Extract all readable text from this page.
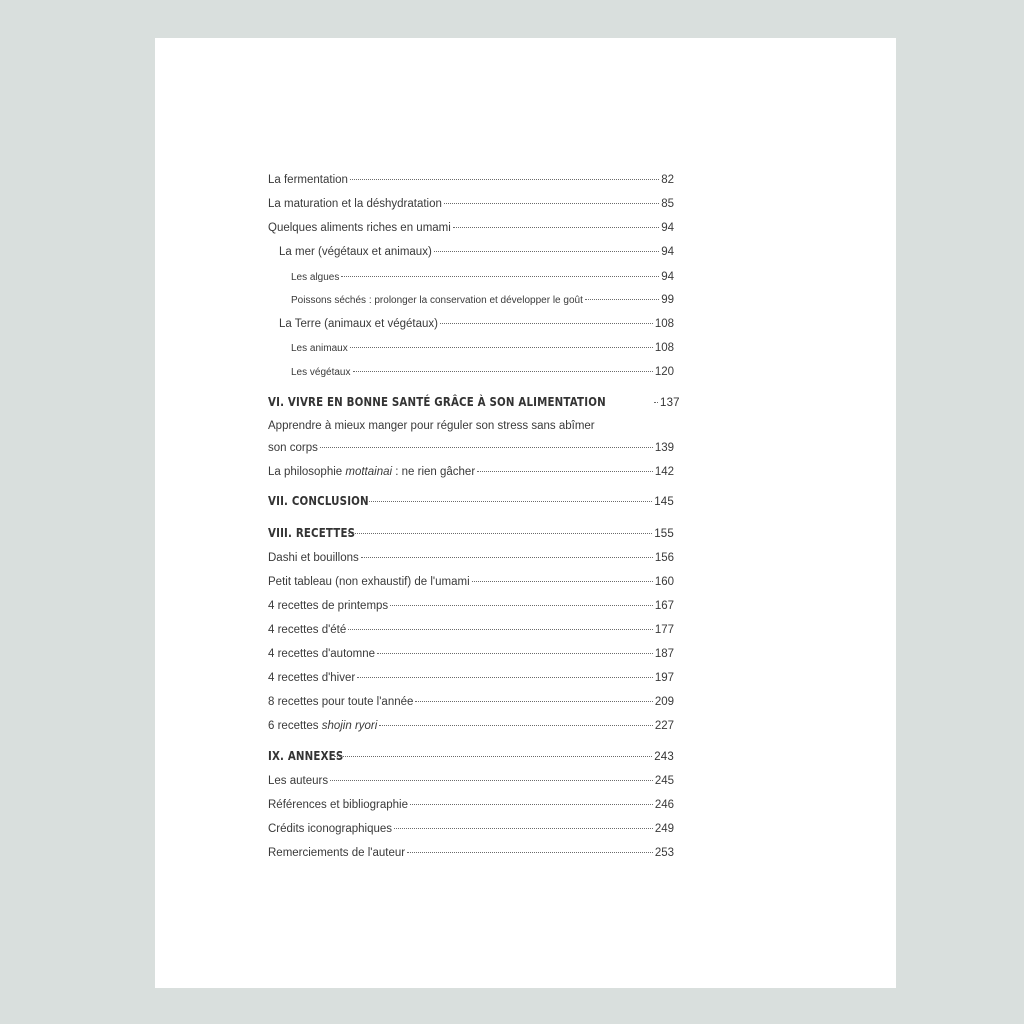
La fermentation	82
La maturation et la déshydratation	85
Quelques aliments riches en umami	94
La mer (végétaux et animaux)	94
Les algues	94
Poissons séchés : prolonger la conservation et développer le goût	99
La Terre (animaux et végétaux)	108
Les animaux	108
Les végétaux	120
VI. VIVRE EN BONNE SANTÉ GRÂCE À SON ALIMENTATION	137
Apprendre à mieux manger pour réguler son stress sans abîmer
son corps	139
La philosophie mottainai : ne rien gâcher	142
VII. CONCLUSION	145
VIII. RECETTES	155
Dashi et bouillons	156
Petit tableau (non exhaustif) de l'umami	160
4 recettes de printemps	167
4 recettes d'été	177
4 recettes d'automne	187
4 recettes d'hiver	197
8 recettes pour toute l'année	209
6 recettes shojin ryori	227
IX. ANNEXES	243
Les auteurs	245
Références et bibliographie	246
Crédits iconographiques	249
Remerciements de l'auteur	253
